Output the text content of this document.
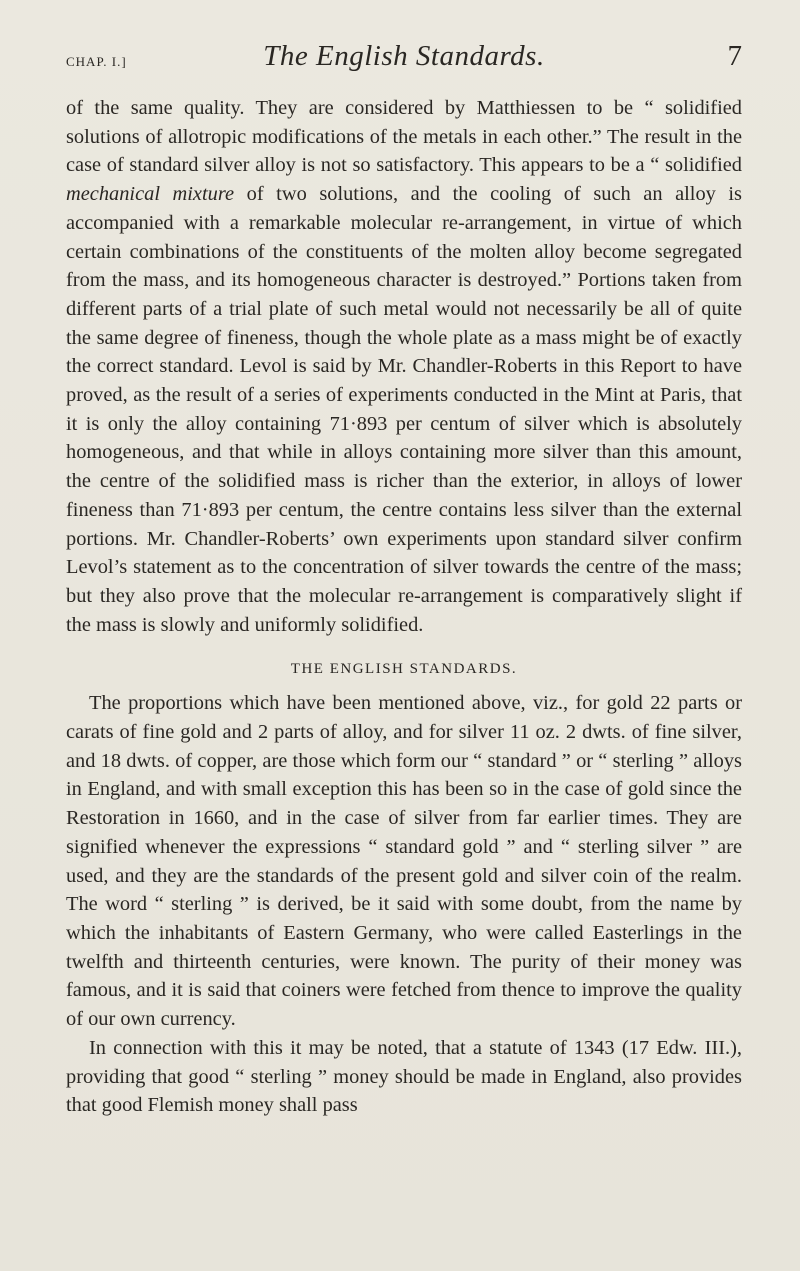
CHAP. I.]	The English Standards.	7

of the same quality. They are considered by Matthiessen to be “ solidified solutions of allotropic modifications of the metals in each other.” The result in the case of standard silver alloy is not so satisfactory. This appears to be a “ solidified mechanical mixture of two solutions, and the cooling of such an alloy is accompanied with a remarkable molecular re-arrangement, in virtue of which certain combinations of the constituents of the molten alloy become segregated from the mass, and its homogeneous character is destroyed.” Portions taken from different parts of a trial plate of such metal would not necessarily be all of quite the same degree of fineness, though the whole plate as a mass might be of exactly the correct standard. Levol is said by Mr. Chandler-Roberts in this Report to have proved, as the result of a series of experiments conducted in the Mint at Paris, that it is only the alloy containing 71·893 per centum of silver which is absolutely homogeneous, and that while in alloys containing more silver than this amount, the centre of the solidified mass is richer than the exterior, in alloys of lower fineness than 71·893 per centum, the centre contains less silver than the external portions. Mr. Chandler-Roberts’ own experiments upon standard silver confirm Levol’s statement as to the concentration of silver towards the centre of the mass; but they also prove that the molecular re-arrangement is comparatively slight if the mass is slowly and uniformly solidified.

THE ENGLISH STANDARDS.

The proportions which have been mentioned above, viz., for gold 22 parts or carats of fine gold and 2 parts of alloy, and for silver 11 oz. 2 dwts. of fine silver, and 18 dwts. of copper, are those which form our “ standard ” or “ sterling ” alloys in England, and with small exception this has been so in the case of gold since the Restoration in 1660, and in the case of silver from far earlier times. They are signified whenever the expressions “ standard gold ” and “ sterling silver ” are used, and they are the standards of the present gold and silver coin of the realm. The word “ sterling ” is derived, be it said with some doubt, from the name by which the inhabitants of Eastern Germany, who were called Easterlings in the twelfth and thirteenth centuries, were known. The purity of their money was famous, and it is said that coiners were fetched from thence to improve the quality of our own currency.

In connection with this it may be noted, that a statute of 1343 (17 Edw. III.), providing that good “ sterling ” money should be made in England, also provides that good Flemish money shall pass
